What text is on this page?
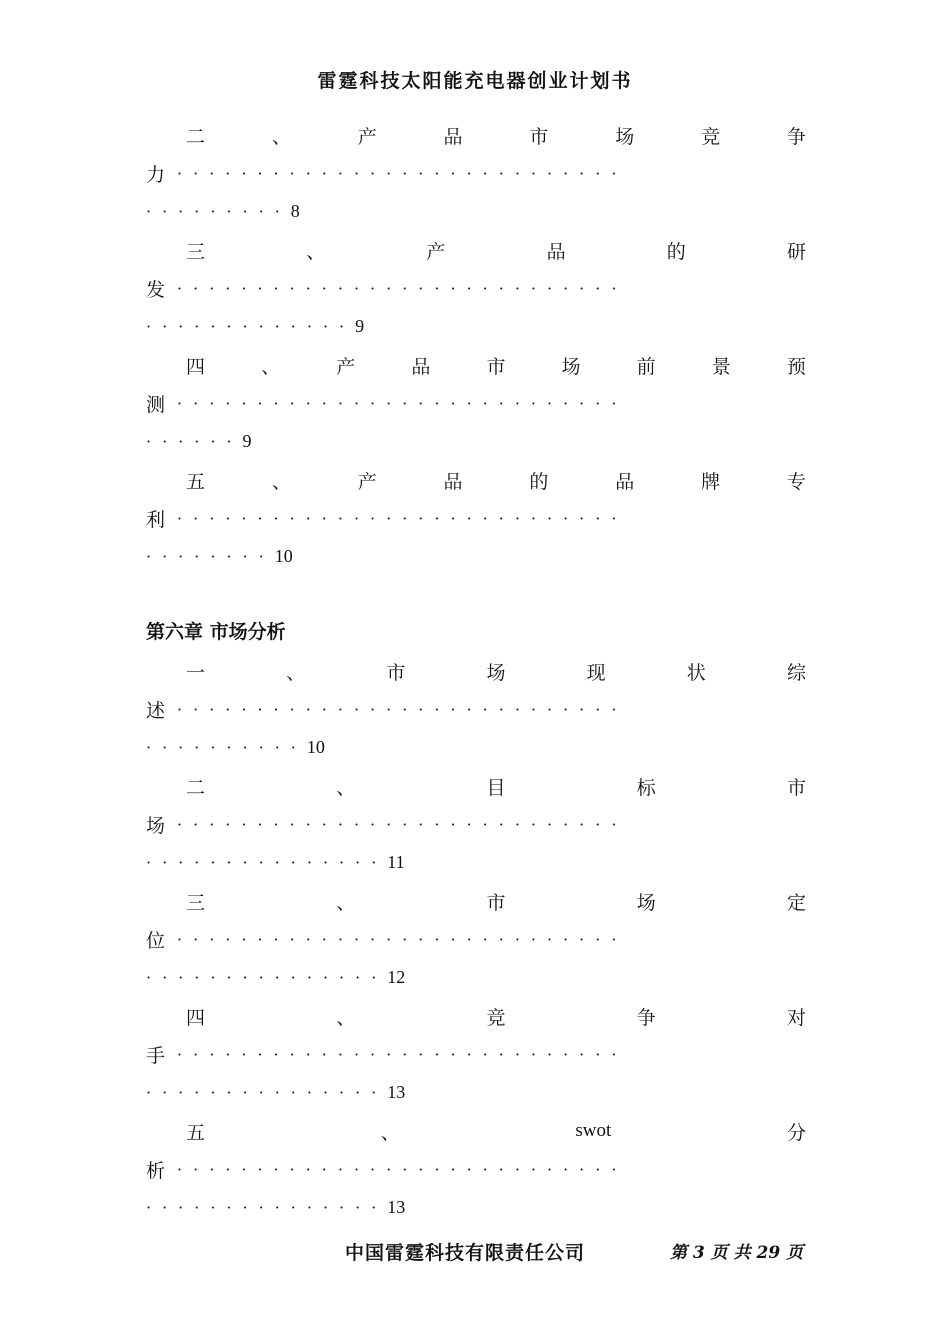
雷霆科技太阳能充电器创业计划书
第六章 市场分析
二	、	产	品	市	场	竞	争
力 ····························
········· 8
三	、	产	品	的	研
发 ····························
············· 9
四	、	产	品	市	场	前	景	预
测 ····························
······ 9
五	、	产	品	的	品	牌	专
利 ····························
········ 10
一	、	市	场	现	状	综
述 ····························
·········· 10
二	、	目	标	市
场 ····························
··············· 11
三	、	市	场	定
位 ····························
··············· 12
四	、	竞	争	对
手 ····························
··············· 13
五	、	swot	分
析 ····························
··············· 13
中国雷霆科技有限责任公司	第 3 页 共 29 页
